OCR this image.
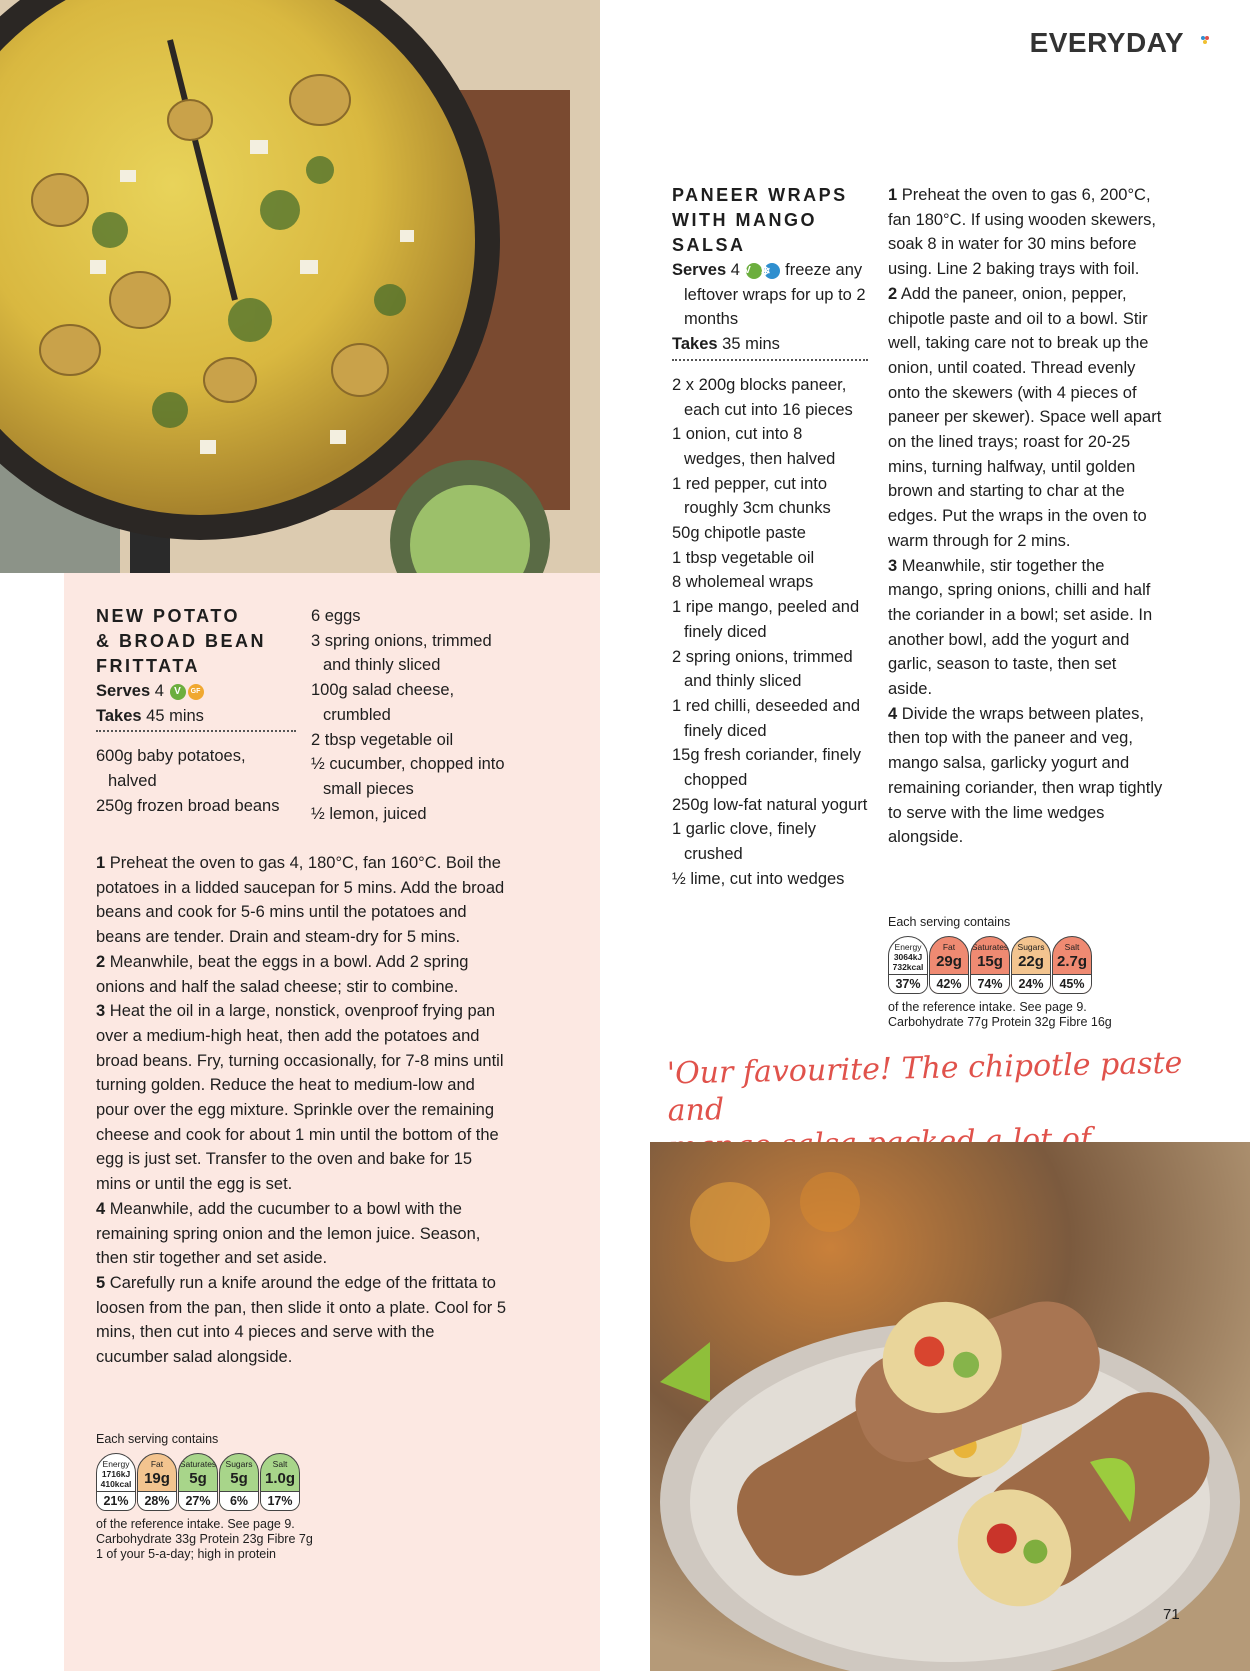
NEW POTATO
& BROAD BEAN
FRITTATA
Serves 4 V GF
Takes 45 mins
600g baby potatoes, halved
250g frozen broad beans
6 eggs
3 spring onions, trimmed and thinly sliced
100g salad cheese, crumbled
2 tbsp vegetable oil
½ cucumber, chopped into small pieces
½ lemon, juiced
1 Preheat the oven to gas 4, 180°C, fan 160°C. Boil the potatoes in a lidded saucepan for 5 mins. Add the broad beans and cook for 5-6 mins until the potatoes and beans are tender. Drain and steam-dry for 5 mins.
2 Meanwhile, beat the eggs in a bowl. Add 2 spring onions and half the salad cheese; stir to combine.
3 Heat the oil in a large, nonstick, ovenproof frying pan over a medium-high heat, then add the potatoes and broad beans. Fry, turning occasionally, for 7-8 mins until turning golden. Reduce the heat to medium-low and pour over the egg mixture. Sprinkle over the remaining cheese and cook for about 1 min until the bottom of the egg is just set. Transfer to the oven and bake for 15 mins or until the egg is set.
4 Meanwhile, add the cucumber to a bowl with the remaining spring onion and the lemon juice. Season, then stir together and set aside.
5 Carefully run a knife around the edge of the frittata to loosen from the pan, then slide it onto a plate. Cool for 5 mins, then cut into 4 pieces and serve with the cucumber salad alongside.
Each serving contains
Energy
1716kJ
410kcal
21%
Fat
19g
28%
Saturates
5g
27%
Sugars
5g
6%
Salt
1.0g
17%
of the reference intake. See page 9.
Carbohydrate 33g Protein 23g Fibre 7g
1 of your 5-a-day; high in protein
EVERYDAY
PANEER WRAPS
WITH MANGO
SALSA
Serves 4 V ❄ freeze any leftover wraps for up to 2 months
Takes 35 mins
2 x 200g blocks paneer, each cut into 16 pieces
1 onion, cut into 8 wedges, then halved
1 red pepper, cut into roughly 3cm chunks
50g chipotle paste
1 tbsp vegetable oil
8 wholemeal wraps
1 ripe mango, peeled and finely diced
2 spring onions, trimmed and thinly sliced
1 red chilli, deseeded and finely diced
15g fresh coriander, finely chopped
250g low-fat natural yogurt
1 garlic clove, finely crushed
½ lime, cut into wedges
1 Preheat the oven to gas 6, 200°C, fan 180°C. If using wooden skewers, soak 8 in water for 30 mins before using. Line 2 baking trays with foil.
2 Add the paneer, onion, pepper, chipotle paste and oil to a bowl. Stir well, taking care not to break up the onion, until coated. Thread evenly onto the skewers (with 4 pieces of paneer per skewer). Space well apart on the lined trays; roast for 20-25 mins, turning halfway, until golden brown and starting to char at the edges. Put the wraps in the oven to warm through for 2 mins.
3 Meanwhile, stir together the mango, spring onions, chilli and half the coriander in a bowl; set aside. In another bowl, add the yogurt and garlic, season to taste, then set aside.
4 Divide the wraps between plates, then top with the paneer and veg, mango salsa, garlicky yogurt and remaining coriander, then wrap tightly to serve with the lime wedges alongside.
Each serving contains
Energy
3064kJ
732kcal
37%
Fat
29g
42%
Saturates
15g
74%
Sugars
22g
24%
Salt
2.7g
45%
of the reference intake. See page 9.
Carbohydrate 77g Protein 32g Fibre 16g
'Our favourite! The chipotle paste and
a lot of
71
